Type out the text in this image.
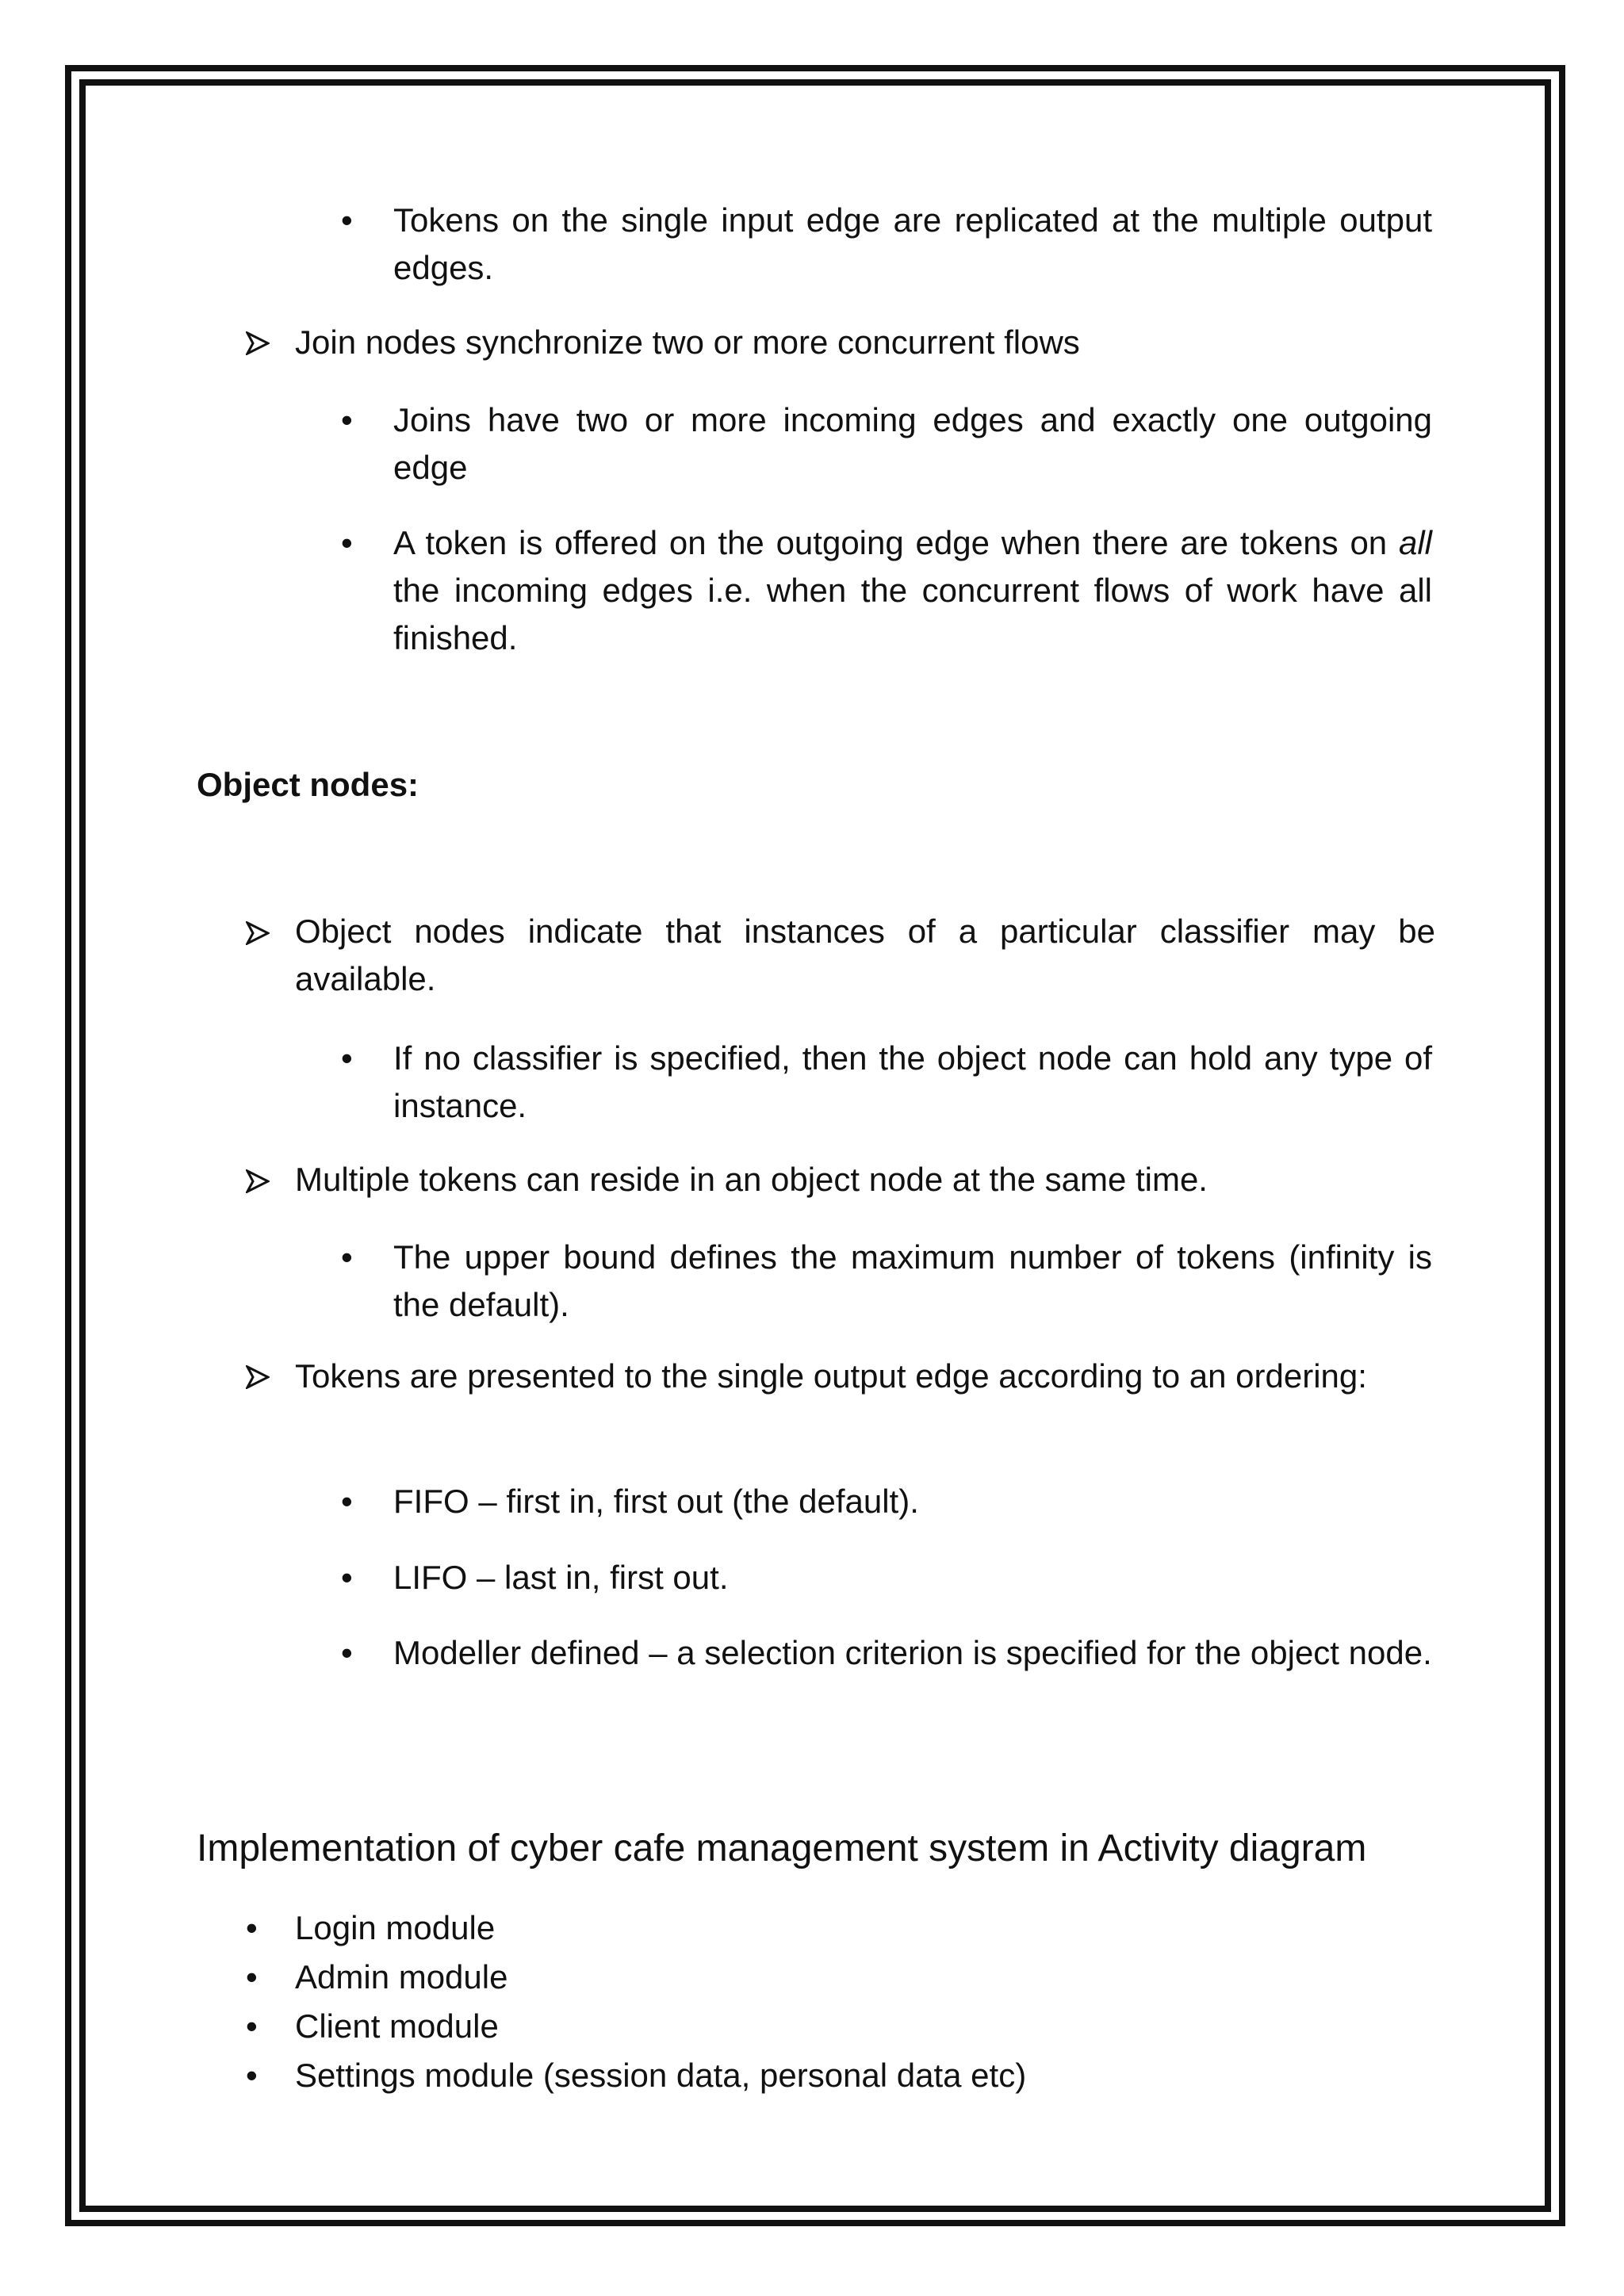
• Tokens on the single input edge are replicated at the multiple output edges.
Join nodes synchronize two or more concurrent flows
• Joins have two or more incoming edges and exactly one outgoing edge
• A token is offered on the outgoing edge when there are tokens on all the incoming edges i.e. when the concurrent flows of work have all finished.
Object nodes:
Object nodes indicate that instances of a particular classifier may be available.
• If no classifier is specified, then the object node can hold any type of instance.
Multiple tokens can reside in an object node at the same time.
• The upper bound defines the maximum number of tokens (infinity is the default).
Tokens are presented to the single output edge according to an ordering:
• FIFO – first in, first out (the default).
• LIFO – last in, first out.
• Modeller defined – a selection criterion is specified for the object node.
Implementation of cyber cafe management system in Activity diagram
• Login module
• Admin module
• Client module
• Settings module (session data, personal data etc)
